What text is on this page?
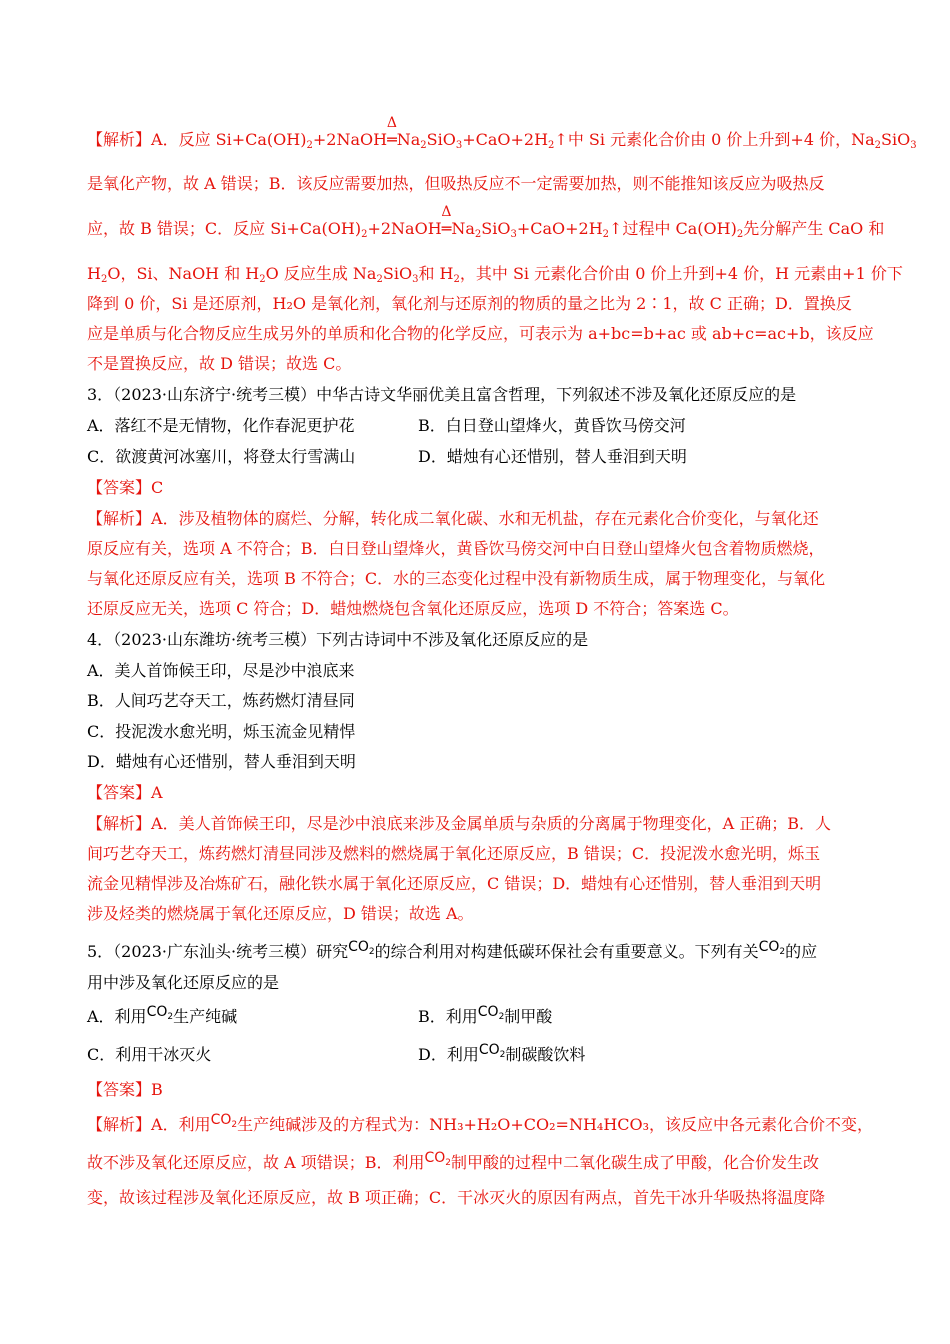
【解析】A．反应 $Si+Ca(OH)_2+2NaOH$
Δ
$═Na_2SiO_3+CaO+2H_2↑$中 Si 元素化合价由 0 价上升到+4 价，$Na_2SiO_3$
是氧化产物，故 A 错误；B．该反应需要加热，但吸热反应不一定需要加热，则不能推知该反应为吸热反
应，故 B 错误；C．反应 $Si+Ca(OH)_2+2NaOH$
Δ
$═Na_2SiO_3+CaO+2H_2↑$过程中 $Ca(OH)_2$先分解产生 CaO 和
$H_2O$，Si、NaOH 和 $H_2O$ 反应生成 $Na_2SiO_3$和 $H_2$，其中 Si 元素化合价由 0 价上升到+4 价，H 元素由+1 价下
降到 0 价，Si 是还原剂，H₂O 是氧化剂，氧化剂与还原剂的物质的量之比为 2∶1，故 C 正确；D．置换反
应是单质与化合物反应生成另外的单质和化合物的化学反应，可表示为 a+bc=b+ac 或 ab+c=ac+b，该反应
不是置换反应，故 D 错误；故选 C。
3．（2023·山东济宁·统考三模）中华古诗文华丽优美且富含哲理，下列叙述不涉及氧化还原反应的是
A．落红不是无情物，化作春泥更护花	B．白日登山望烽火，黄昏饮马傍交河
C．欲渡黄河冰塞川，将登太行雪满山	D．蜡烛有心还惜别，替人垂泪到天明
【答案】C
【解析】A．涉及植物体的腐烂、分解，转化成二氧化碳、水和无机盐，存在元素化合价变化，与氧化还
原反应有关，选项 A 不符合；B．白日登山望烽火，黄昏饮马傍交河中白日登山望烽火包含着物质燃烧，
与氧化还原反应有关，选项 B 不符合；C．水的三态变化过程中没有新物质生成，属于物理变化，与氧化
还原反应无关，选项 C 符合；D．蜡烛燃烧包含氧化还原反应，选项 D 不符合；答案选 C。
4．（2023·山东潍坊·统考三模）下列古诗词中不涉及氧化还原反应的是
A．美人首饰候王印，尽是沙中浪底来
B．人间巧艺夺天工，炼药燃灯清昼同
C．投泥泼水愈光明，烁玉流金见精悍
D．蜡烛有心还惜别，替人垂泪到天明
【答案】A
【解析】A．美人首饰候王印，尽是沙中浪底来涉及金属单质与杂质的分离属于物理变化，A 正确；B．人
间巧艺夺天工，炼药燃灯清昼同涉及燃料的燃烧属于氧化还原反应，B 错误；C．投泥泼水愈光明，烁玉
流金见精悍涉及冶炼矿石，融化铁水属于氧化还原反应，C 错误；D．蜡烛有心还惜别，替人垂泪到天明
涉及烃类的燃烧属于氧化还原反应，D 错误；故选 A。
5．（2023·广东汕头·统考三模）研究$CO_2$的综合利用对构建低碳环保社会有重要意义。下列有关$CO_2$的应
用中涉及氧化还原反应的是
A．利用$CO_2$生产纯碱	B．利用$CO_2$制甲酸
C．利用干冰灭火	D．利用$CO_2$制碳酸饮料
【答案】B
【解析】A．利用$CO_2$生产纯碱涉及的方程式为：NH₃+H₂O+CO₂=NH₄HCO₃，该反应中各元素化合价不变，
故不涉及氧化还原反应，故 A 项错误；B．利用$CO_2$制甲酸的过程中二氧化碳生成了甲酸，化合价发生改
变，故该过程涉及氧化还原反应，故 B 项正确；C．干冰灭火的原因有两点，首先干冰升华吸热将温度降
